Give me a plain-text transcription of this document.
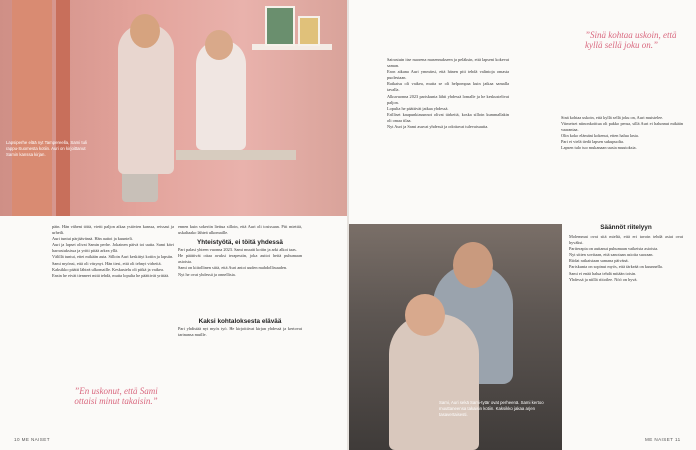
Lapsiperhe elää nyt Tampereella, Sami tuli rappu-Suomesta kotiin. Auri on kirjoittanut Samin kanssa kirjan.

päin. Hän väheni töitä, vietti paljon aikaa ystävien kanssa, reissasi ja urheili.

Auri tuntui pärjäävänsä. Hän auttoi ja kuunteli.

Auri ja lapset olivat Samin perhe. Jokainen päivä toi uutta. Sami kävi harrastuksissa ja yritti pitää arkea yllä.

Välillä tuntui, ettei mikään auta. Silloin Auri keskittyi kotiin ja lapsiin.

Sami myönsi, että oli väsynyt. Hän tiesi, että oli tehnyt virheitä.

Kaksikko päätti lähteä ulkomaille. Keskustelu oli pitkä ja vaikea.

Ensin he eivät tienneet mitä tehdä, mutta lopulta he päättivät yrittää.

”En uskonut, että Sami ottaisi minut takaisin.”

ennen kuin sokeriin liettua silloin, että Auri oli tosissaan. Piti miettiä, uskaltaako lähteä ulkomaille.

Yhteistyötä, ei töitä yhdessä

Pari palasi yhteen vuonna 2023. Sami muutti kotiin ja arki alkoi taas.

He päättivät ottaa avuksi terapeutin, joka auttoi heitä puhumaan asioista.

Sami on kiitollinen siitä, että Auri antoi uuden mahdollisuuden.

Nyt he ovat yhdessä ja onnellisia.

Kaksi kohtaloksesta elävää

Pari yhdistää nyt myös työ. He kirjoittivat kirjan yhdessä ja kertovat tarinansa muille.

10 ME NAISET

Sairastuin itse nuorena masennukseen ja peläksin, että lapseni kokevat saman.

Eron aikana Auri ymmärsi, että hänen piti tehdä valintoja omasta puolestaan.

Ratkaisu oli vaikea, mutta se oli helpompaa kuin jatkaa samalla tavalla.

Alkuvuonna 2023 pariskunta lähti yhdessä lomalle ja he keskustelivat paljon.

Lopulta he päättivät jatkaa yhdessä.

Erilliset kaupunkiasunnot olivat tärkeitä, koska silloin kummallakin oli omaa tilaa.

Nyt Auri ja Sami asuvat yhdessä ja odottavat tulevaisuutta.

”Sinä kohtaa uskoin, että kyllä sellä joku on.”

Sinä kohtaa uskoin, että kyllä sellä joku on, Auri muistelee.

Viimeiset niinonkoittua oli pakko perua, sillä Auri ei halunnut mikään vaarantaa.

Olin koko elämäni kokenut, etten halua lasta.

Pari ei vielä tiedä lapsen sukupuolta.

Lapsen tulo tuo mukanaan uusia muutoksia.

Sami, Auri sekä Sami-tytär ovat perheenä. Sami kertoo muuttaneensa takaisin kotiin. Kaksikko jakaa arjen tasavertaisesti.

Säännöt riitelyyn

Molemmat ovat sitä mieltä, että eri tavoin tehdä asiat ovat hyväksi.

Pariterapia on auttanut puhumaan vaikeista asioista.

Nyt sitten sovitaan, että sanotaan asioita suoraan.

Riidat ratkaistaan samana päivänä.

Pariskunta on sopinut myös, että tärkeää on kuunnella.

Sami ei enää halua tehdä mitään toisin.

Yhdessä ja niillä riitoilee. Nöö on hyvä.

ME NAISET 11
